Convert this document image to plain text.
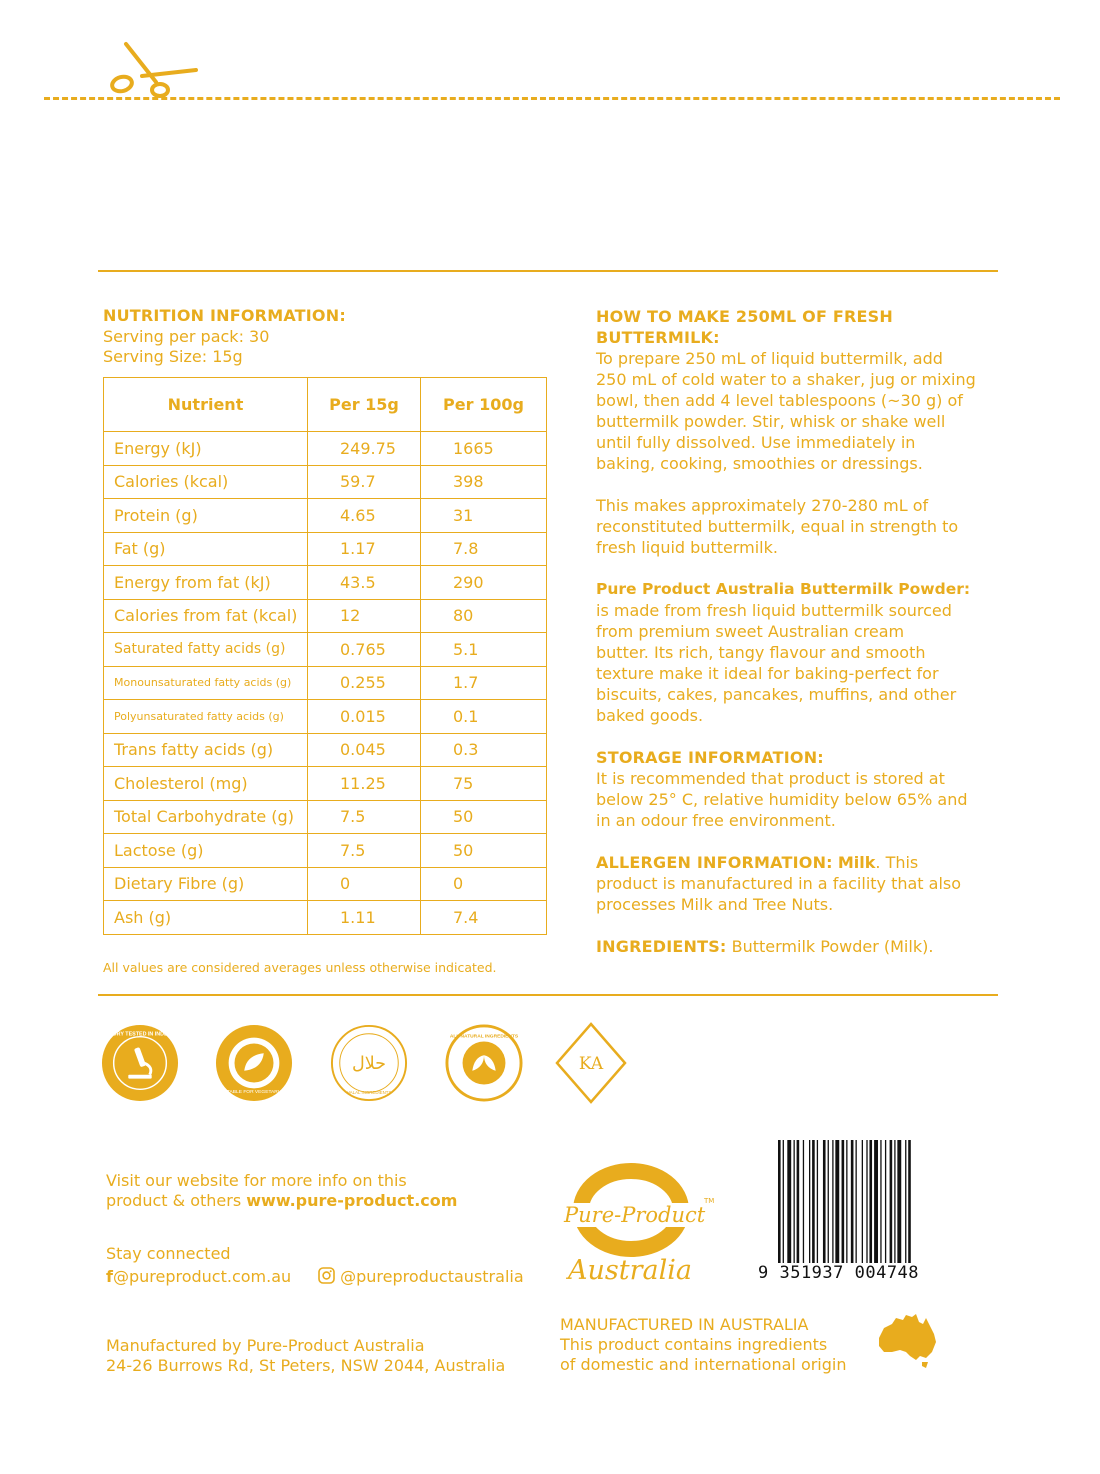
NUTRITION INFORMATION:
Serving per pack: 30
Serving Size: 15g
Nutrient	Per 15g	Per 100g
Energy (kJ)	249.75	1665
Calories (kcal)	59.7	398
Protein (g)	4.65	31
Fat (g)	1.17	7.8
Energy from fat (kJ)	43.5	290
Calories from fat (kcal)	12	80
Saturated fatty acids (g)	0.765	5.1
Monounsaturated fatty acids (g)	0.255	1.7
Polyunsaturated fatty acids (g)	0.015	0.1
Trans fatty acids (g)	0.045	0.3
Cholesterol (mg)	11.25	75
Total Carbohydrate (g)	7.5	50
Lactose (g)	7.5	50
Dietary Fibre (g)	0	0
Ash (g)	1.11	7.4
All values are considered averages unless otherwise indicated.

HOW TO MAKE 250ML OF FRESH

BUTTERMILK:

To prepare 250 mL of liquid buttermilk, add

250 mL of cold water to a shaker, jug or mixing

bowl, then add 4 level tablespoons (~30 g) of

buttermilk powder. Stir, whisk or shake well

until fully dissolved. Use immediately in

baking, cooking, smoothies or dressings.

This makes approximately 270-280 mL of

reconstituted buttermilk, equal in strength to

fresh liquid buttermilk.

Pure Product Australia Buttermilk Powder:

is made from fresh liquid buttermilk sourced

from premium sweet Australian cream

butter. Its rich, tangy flavour and smooth

texture make it ideal for baking-perfect for

biscuits, cakes, pancakes, muffins, and other

baked goods.

STORAGE INFORMATION:

It is recommended that product is stored at

below 25° C, relative humidity below 65% and

in an odour free environment.

ALLERGEN INFORMATION: Milk. This

product is manufactured in a facility that also

processes Milk and Tree Nuts.

INGREDIENTS: Buttermilk Powder (Milk).

LABORATORY TESTED IN INDEPENDENT
SUITABLE FOR VEGETARIANS
حلال
HALAL INGREDIENTS
ALL NATURAL INGREDIENTS
KA
Visit our website for more info on this
product & others www.pure-product.com
Stay connected
f@pureproduct.com.au	@pureproductaustralia
Manufactured by Pure-Product Australia
24-26 Burrows Rd, St Peters, NSW 2044, Australia
Pure-Product
Australia
TM
9 351937 004748
MANUFACTURED IN AUSTRALIA
This product contains ingredients
of domestic and international origin
